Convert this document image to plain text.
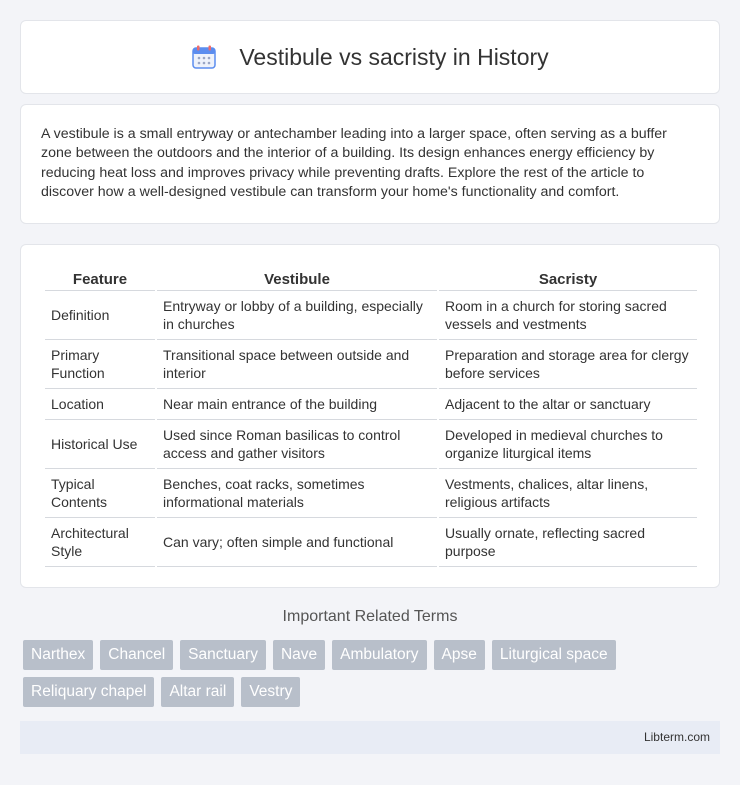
Vestibule vs sacristy in History

A vestibule is a small entryway or antechamber leading into a larger space, often serving as a buffer zone between the outdoors and the interior of a building. Its design enhances energy efficiency by reducing heat loss and improves privacy while preventing drafts. Explore the rest of the article to discover how a well-designed vestibule can transform your home's functionality and comfort.

Feature	Vestibule	Sacristy
Definition	Entryway or lobby of a building, especially in churches	Room in a church for storing sacred vessels and vestments
Primary Function	Transitional space between outside and interior	Preparation and storage area for clergy before services
Location	Near main entrance of the building	Adjacent to the altar or sanctuary
Historical Use	Used since Roman basilicas to control access and gather visitors	Developed in medieval churches to organize liturgical items
Typical Contents	Benches, coat racks, sometimes informational materials	Vestments, chalices, altar linens, religious artifacts
Architectural Style	Can vary; often simple and functional	Usually ornate, reflecting sacred purpose
Important Related Terms
Narthex	Chancel	Sanctuary	Nave	Ambulatory	Apse	Liturgical space
Reliquary chapel	Altar rail	Vestry
Libterm.com
